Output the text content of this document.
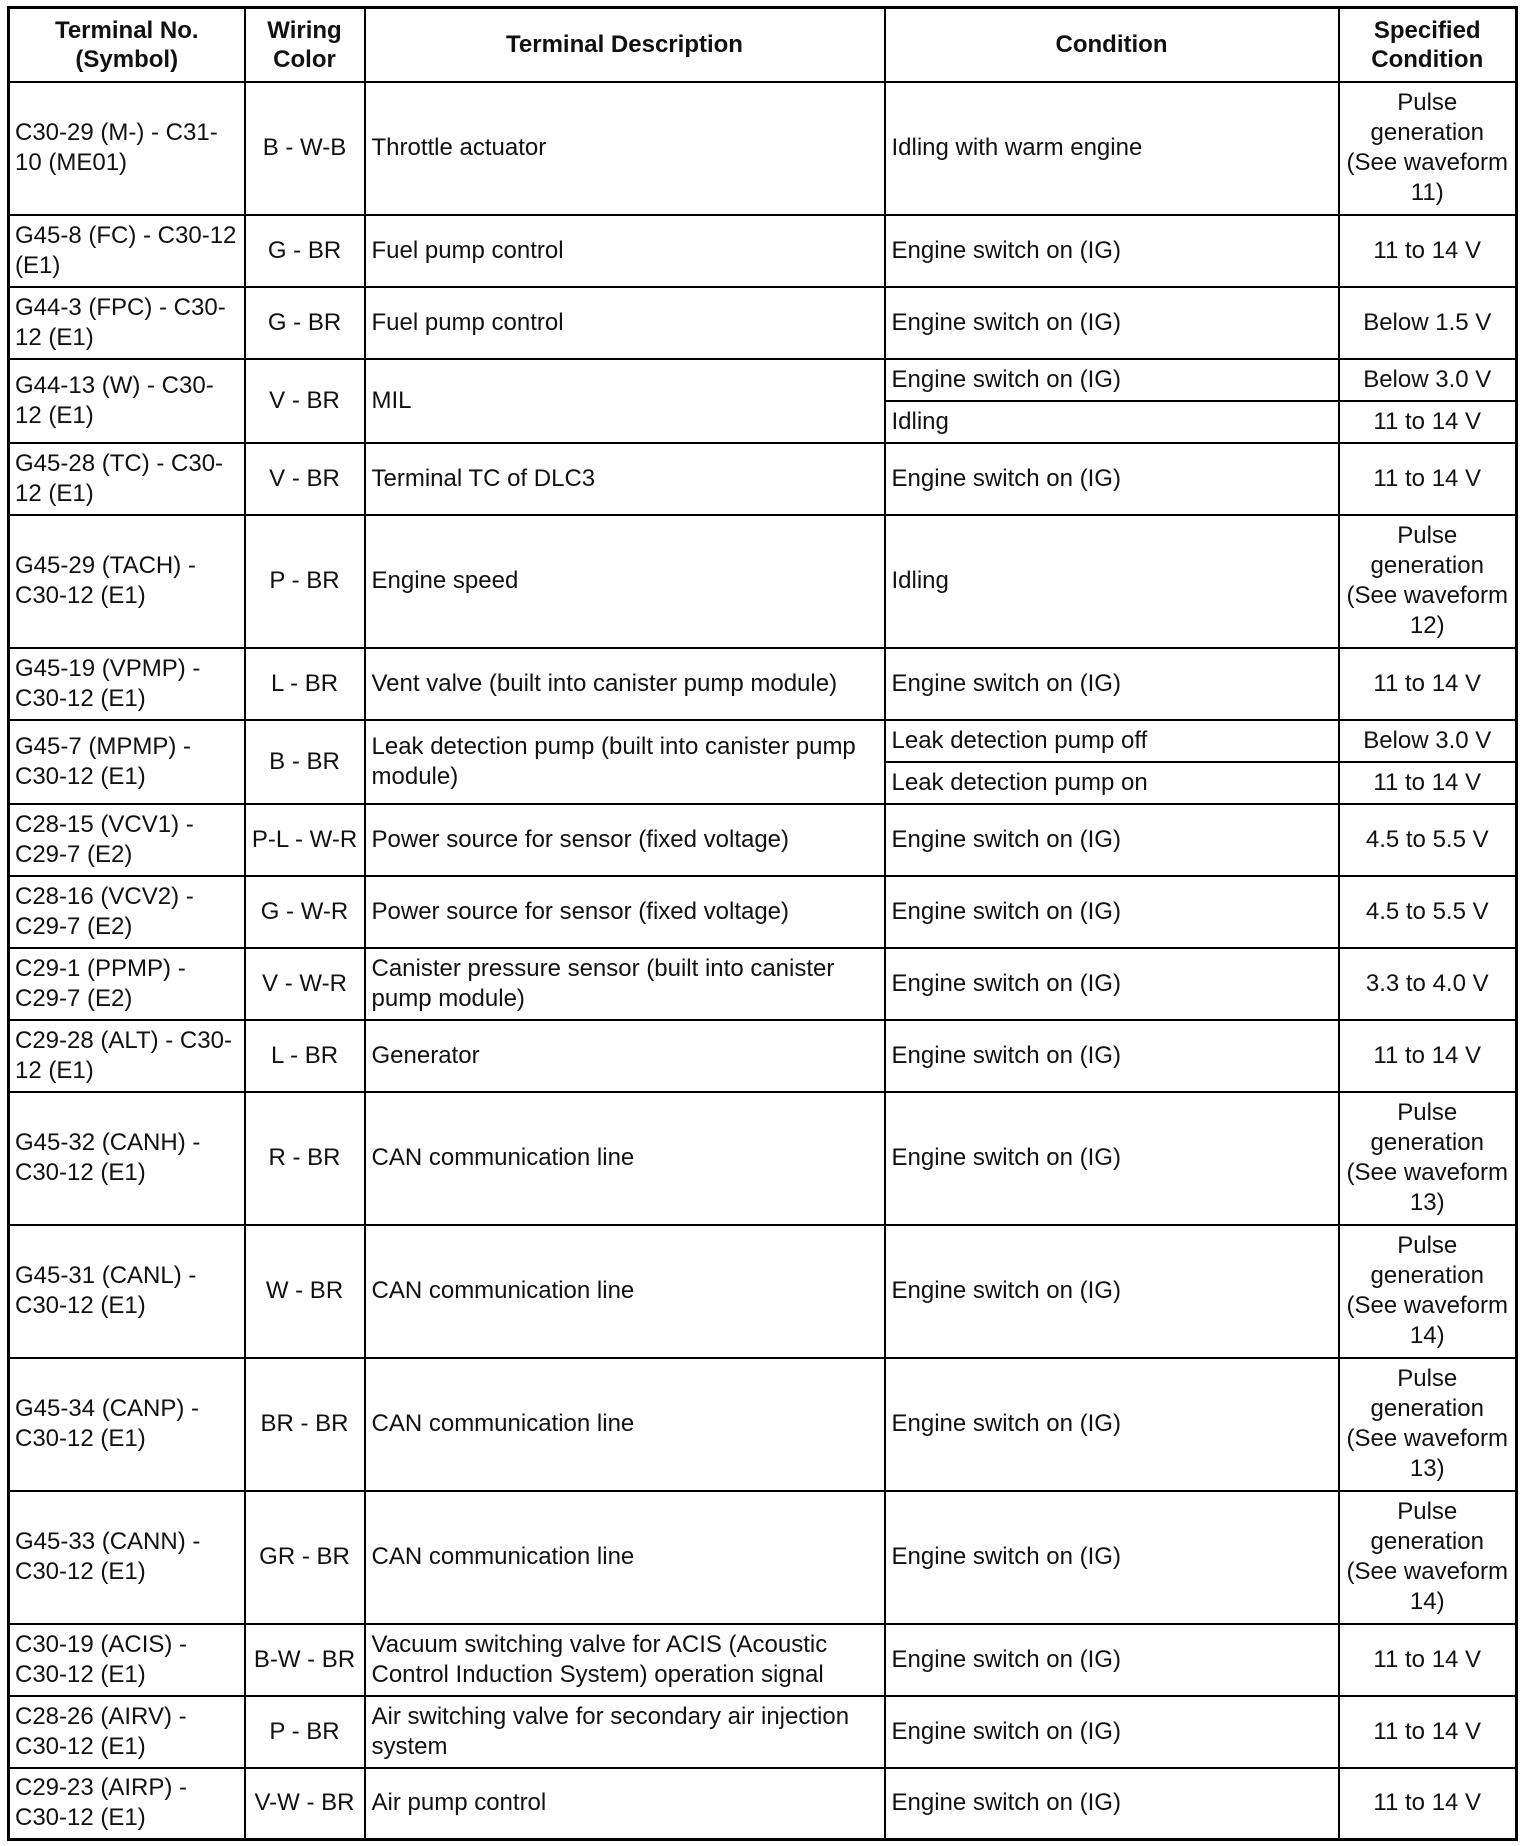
Terminal No. (Symbol)	Wiring Color	Terminal Description	Condition	Specified Condition
C30-29 (M-) - C31-10 (ME01)	B - W-B	Throttle actuator	Idling with warm engine	Pulse generation (See waveform 11)
G45-8 (FC) - C30-12 (E1)	G - BR	Fuel pump control	Engine switch on (IG)	11 to 14 V
G44-3 (FPC) - C30-12 (E1)	G - BR	Fuel pump control	Engine switch on (IG)	Below 1.5 V
G44-13 (W) - C30-12 (E1)	V - BR	MIL	Engine switch on (IG)	Below 3.0 V
			Idling	11 to 14 V
G45-28 (TC) - C30-12 (E1)	V - BR	Terminal TC of DLC3	Engine switch on (IG)	11 to 14 V
G45-29 (TACH) - C30-12 (E1)	P - BR	Engine speed	Idling	Pulse generation (See waveform 12)
G45-19 (VPMP) - C30-12 (E1)	L - BR	Vent valve (built into canister pump module)	Engine switch on (IG)	11 to 14 V
G45-7 (MPMP) - C30-12 (E1)	B - BR	Leak detection pump (built into canister pump module)	Leak detection pump off	Below 3.0 V
			Leak detection pump on	11 to 14 V
C28-15 (VCV1) - C29-7 (E2)	P-L - W-R	Power source for sensor (fixed voltage)	Engine switch on (IG)	4.5 to 5.5 V
C28-16 (VCV2) - C29-7 (E2)	G - W-R	Power source for sensor (fixed voltage)	Engine switch on (IG)	4.5 to 5.5 V
C29-1 (PPMP) - C29-7 (E2)	V - W-R	Canister pressure sensor (built into canister pump module)	Engine switch on (IG)	3.3 to 4.0 V
C29-28 (ALT) - C30-12 (E1)	L - BR	Generator	Engine switch on (IG)	11 to 14 V
G45-32 (CANH) - C30-12 (E1)	R - BR	CAN communication line	Engine switch on (IG)	Pulse generation (See waveform 13)
G45-31 (CANL) - C30-12 (E1)	W - BR	CAN communication line	Engine switch on (IG)	Pulse generation (See waveform 14)
G45-34 (CANP) - C30-12 (E1)	BR - BR	CAN communication line	Engine switch on (IG)	Pulse generation (See waveform 13)
G45-33 (CANN) - C30-12 (E1)	GR - BR	CAN communication line	Engine switch on (IG)	Pulse generation (See waveform 14)
C30-19 (ACIS) - C30-12 (E1)	B-W - BR	Vacuum switching valve for ACIS (Acoustic Control Induction System) operation signal	Engine switch on (IG)	11 to 14 V
C28-26 (AIRV) - C30-12 (E1)	P - BR	Air switching valve for secondary air injection system	Engine switch on (IG)	11 to 14 V
C29-23 (AIRP) - C30-12 (E1)	V-W - BR	Air pump control	Engine switch on (IG)	11 to 14 V
